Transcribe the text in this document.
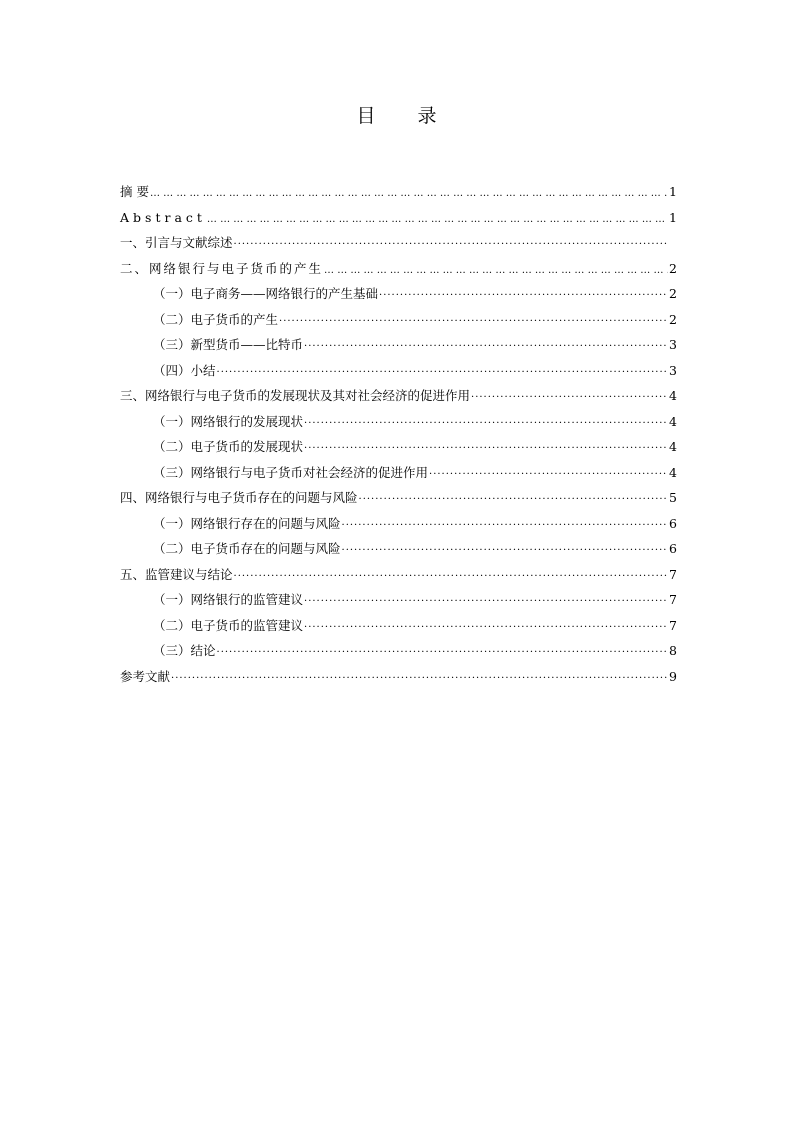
目 录
摘 要 … … … … … … … … … … … … … … … … … … … … … … … … … … … … … … … … … … … … … … … … … … … … … … … … … … … … … … …	1
Abstract … … … … … … … … … … … … … … … … … … … … … … … … … … … … … … … … … … … … … … … … … … … … … … … … … … … … … … …	1
一、引言与文献综述
·····
二、网络银行与电子货币的产生 … … … … … … … … … … … … … … … … … … … … … … … … … … … … … … … … … … … … … … … … … … … … … … … … … … … … … … …	2
（一）电子商务——网络银行的产生基础 ·····	2
（二）电子货币的产生 ·····	2
（三）新型货币——比特币 ·····	3
（四）小结 ·····	3
三、网络银行与电子货币的发展现状及其对社会经济的促进作用 ·····	4
（一）网络银行的发展现状 ·····	4
（二）电子货币的发展现状 ·····	4
（三）网络银行与电子货币对社会经济的促进作用 ·····	4
四、网络银行与电子货币存在的问题与风险 ·····	5
（一）网络银行存在的问题与风险 ·····	6
（二）电子货币存在的问题与风险 ·····	6
五、监管建议与结论 ·····	7
（一）网络银行的监管建议 ·····	7
（二）电子货币的监管建议 ·····	7
（三）结论 ·····	8
参考文献 ·····	9
